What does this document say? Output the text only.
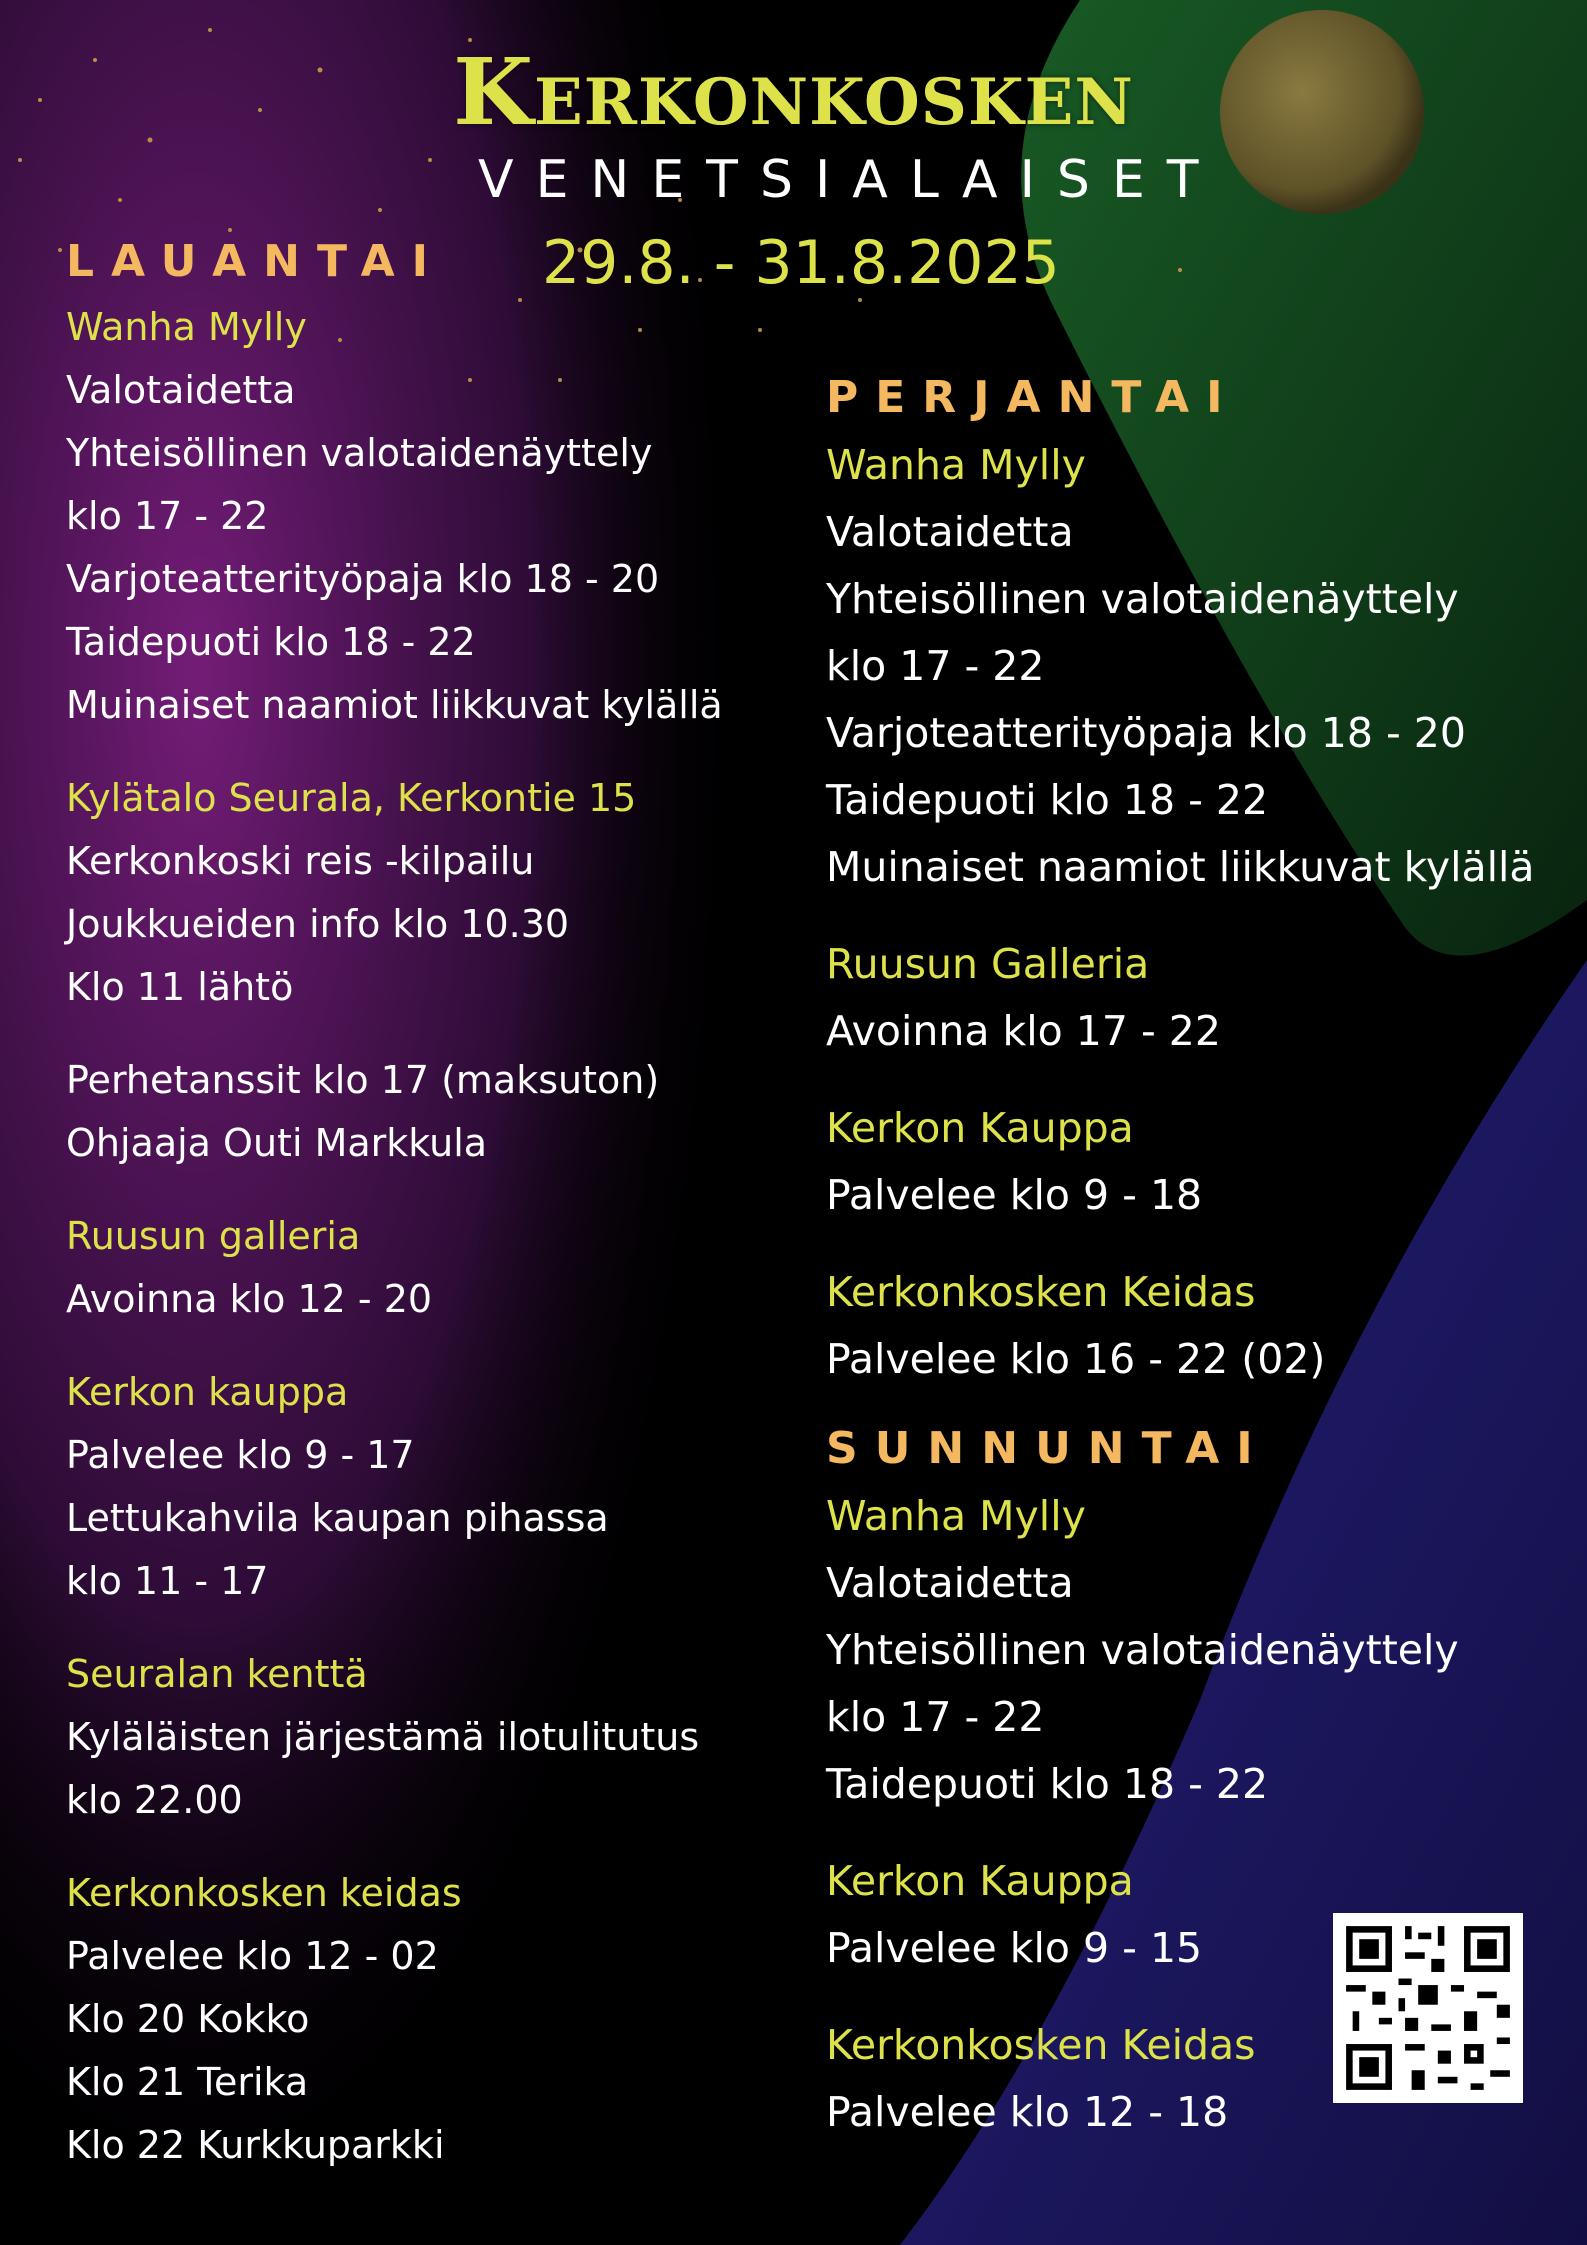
Kerkonkosken
VENETSIALAISET
29.8. - 31.8.2025
LAUANTAI
Wanha Mylly
Valotaidetta
Yhteisöllinen valotaidenäyttely
klo 17 - 22
Varjoteatterityöpaja klo 18 - 20
Taidepuoti klo 18 - 22
Muinaiset naamiot liikkuvat kylällä
Kylätalo Seurala, Kerkontie 15
Kerkonkoski reis -kilpailu
Joukkueiden info klo 10.30
Klo 11 lähtö
Perhetanssit klo 17 (maksuton)
Ohjaaja Outi Markkula
Ruusun galleria
Avoinna klo 12 - 20
Kerkon kauppa
Palvelee klo 9 - 17
Lettukahvila kaupan pihassa
klo 11 - 17
Seuralan kenttä
Kyläläisten järjestämä ilotulitutus
klo 22.00
Kerkonkosken keidas
Palvelee klo 12 - 02
Klo 20 Kokko
Klo 21 Terika
Klo 22 Kurkkuparkki
PERJANTAI
Wanha Mylly
Valotaidetta
Yhteisöllinen valotaidenäyttely
klo 17 - 22
Varjoteatterityöpaja klo 18 - 20
Taidepuoti klo 18 - 22
Muinaiset naamiot liikkuvat kylällä
Ruusun Galleria
Avoinna klo 17 - 22
Kerkon Kauppa
Palvelee klo 9 - 18
Kerkonkosken Keidas
Palvelee klo 16 - 22 (02)
SUNNUNTAI
Wanha Mylly
Valotaidetta
Yhteisöllinen valotaidenäyttely
klo 17 - 22
Taidepuoti klo 18 - 22
Kerkon Kauppa
Palvelee klo 9 - 15
Kerkonkosken Keidas
Palvelee klo 12 - 18
